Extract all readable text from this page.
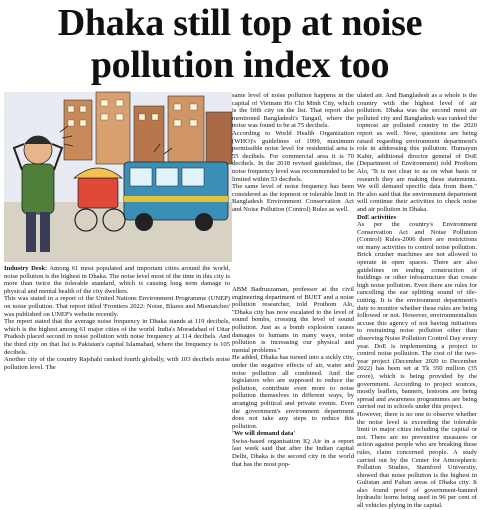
Dhaka still top at noise
pollution index too

Industry Desk: Among 61 most populated and important cities around the world, noise pollution is the highest in Dhaka. The noise level most of the time in this city is more than twice the tolerable standard, which is causing long term damage to physical and mental health of the city dwellers.

This was stated in a report of the United Nations Environment Programme (UNEP) on noise pollution. That report titled 'Frontiers 2022: Noise, Blazes and Mismatches' was published on UNEP's website recently.

The report stated that the average noise frequency in Dhaka stands at 119 decibels, which is the highest among 61 major cities of the world. India's Moradabad of Uttar Pradesh placed second in noise pollution with noise frequency at 114 decibels. And the third city on that list is Pakistan's capital Islamabad, where the frequency is 105 decibels.

Another city of the country Rajshahi ranked fourth globally, with 103 decibels noise pollution level. The

same level of noise pollution happens in the capital of Vietnam Ho Chi Minh City, which is the fifth city on the list. That report also mentioned Bangladesh's Tangail, where the noise was found to be at 75 decibels.

According to World Health Organization (WHO)'s guidelines of 1999, maximum permissible noise level for residential area is 55 decibels. For commercial area it is 70 decibels. In the 2018 revised guidelines, the noise frequency level was recommended to be limited within 53 decibels.

The same level of noise frequency has been considered as the topmost or tolerable limit in Bangladesh Environment Conservation Act and Noise Pollution (Control) Rules as well.

ABM Badruzzaman, professor at the civil engineering department of BUET and a noise pollution researcher, told Prothom Alo, "Dhaka city has now escalated to the level of sound bombs, crossing the level of sound pollution. Just as a bomb explosion causes damages to humans in many ways, noise pollution is increasing our physical and mental problems."

He added, Dhaka has turned into a sickly city, under the negative effects of air, water and noise pollution all combined. And the legislators who are supposed to reduce the pollution, contribute even more to noise pollution themselves in different ways, by arranging political and private events. Even the government's environment department does not take any steps to reduce this pollution.

'We will demand data'

Swiss-based organisation IQ Air in a report last week said that after the Indian capital Delhi, Dhaka is the second city in the world that has the most pop-

ulated air. And Bangladesh as a whole is the country with the highest level of air pollution. Dhaka was the second most air polluted city and Bangladesh was ranked the topmost air polluted country in the 2020 report as well. Now, questions are being raised regarding environment department's role in addressing this pollution. Humayun Kabir, additional director general of DoE (Department of Environment) told Prothom Alo, "It is not clear to us on what basis or research they are making these statements. We will demand specific data from them." He also said that the environment department will continue their activities to check noise and air pollution in Dhaka.

DoE activities

As per the country's Environment Conservation Act and Noise Pollution (Control) Rules-2006 there are restrictions on many activities to control noise pollution. Brick crusher machines are not allowed to operate in open spaces. There are also guidelines on ending construction of buildings or other infrastructure that create high noise pollution. Even there are rules for cancelling the ear splitting sound of tile-cutting. It is the environment department's duty to monitor whether these rules are being followed or not. However, environmentalists accuse this agency of not having initiatives to restraining noise pollution other than observing Noise Pollution Control Day every year. DoE is implementing a project to control noise pollution. The cost of the two-year project (December 2020 to December 2022) has been set at Tk 350 million (35 crore), which is being provided by the government. According to project sources, mostly leaflets, banners, festoons are being spread and awareness programmes are being carried out in schools under this project.

However, there is no one to observe whether the noise level is exceeding the tolerable limit in major cities including the capital or not. There are no preventive measures or action against people who are breaking these rules, claim concerned people. A study carried out by the Center for Atmospheric Pollution Studies, Stamford University, showed that noise pollution is the highest in Gulistan and Paltan areas of Dhaka city. It also found proof of government-banned hydraulic horns being used in 96 per cent of all vehicles plying in the capital.
